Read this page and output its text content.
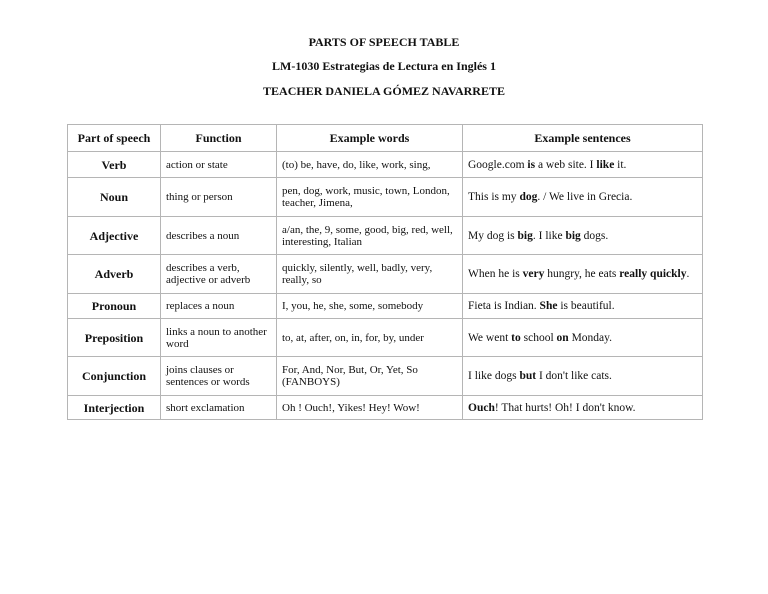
PARTS OF SPEECH TABLE
LM-1030 Estrategias de Lectura en Inglés 1
TEACHER DANIELA GÓMEZ NAVARRETE
Part of speech	Function	Example words	Example sentences
Verb	action or state	(to) be, have, do, like, work, sing,	Google.com is a web site. I like it.
Noun	thing or person	pen, dog, work, music, town, London, teacher, Jimena,	This is my dog. / We live in Grecia.
Adjective	describes a noun	a/an, the, 9, some, good, big, red, well, interesting, Italian	My dog is big. I like big dogs.
Adverb	describes a verb, adjective or adverb	quickly, silently, well, badly, very, really, so	When he is very hungry, he eats really quickly.
Pronoun	replaces a noun	I, you, he, she, some, somebody	Fieta is Indian. She is beautiful.
Preposition	links a noun to another word	to, at, after, on, in, for, by, under	We went to school on Monday.
Conjunction	joins clauses or sentences or words	For, And, Nor, But, Or, Yet, So (FANBOYS)	I like dogs but I don't like cats.
Interjection	short exclamation	Oh ! Ouch!, Yikes! Hey! Wow!	Ouch! That hurts! Oh! I don't know.
